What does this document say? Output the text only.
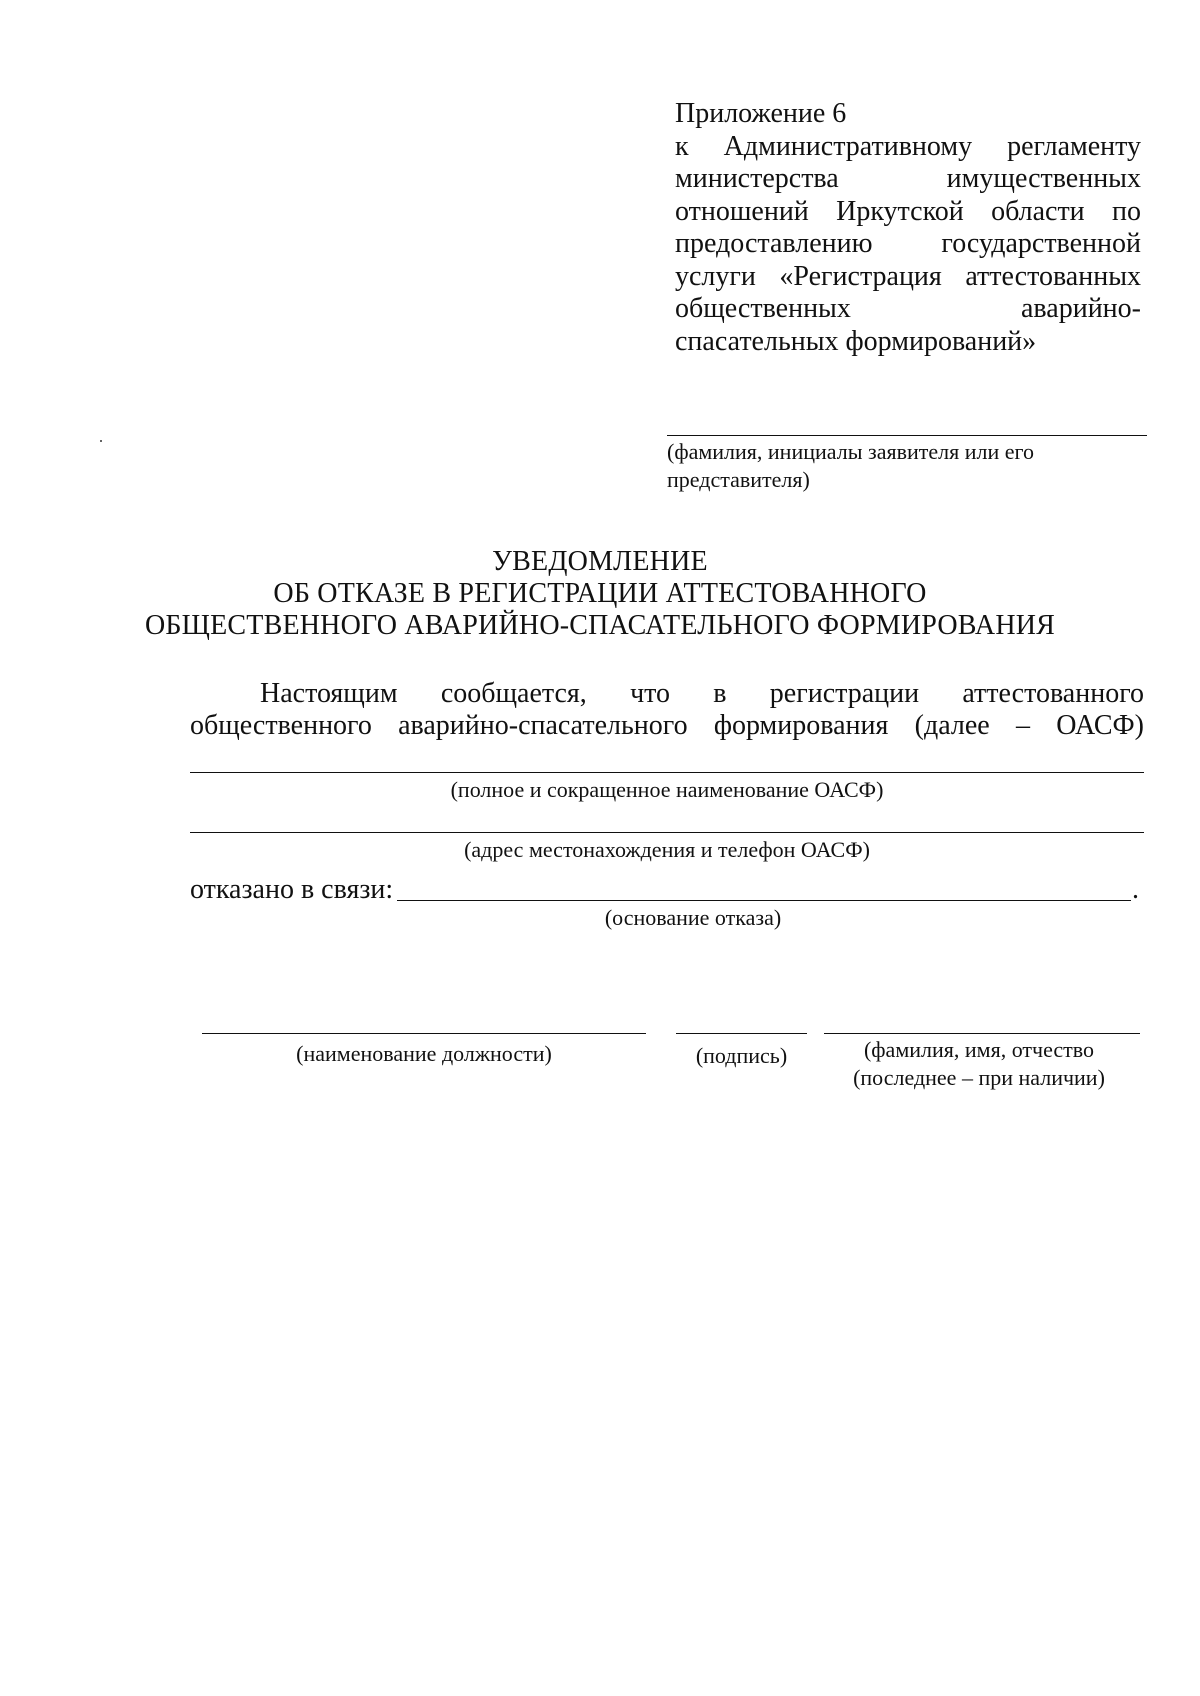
Приложение 6
к Административному регламенту
министерства имущественных
отношений Иркутской области по
предоставлению государственной
услуги «Регистрация аттестованных
общественных аварийно-
спасательных формирований»
(фамилия, инициалы заявителя или его
представителя)
УВЕДОМЛЕНИЕ
ОБ ОТКАЗЕ В РЕГИСТРАЦИИ АТТЕСТОВАННОГО
ОБЩЕСТВЕННОГО АВАРИЙНО-СПАСАТЕЛЬНОГО ФОРМИРОВАНИЯ
Настоящим сообщается, что в регистрации аттестованного
общественного аварийно-спасательного формирования (далее – ОАСФ)
(полное и сокращенное наименование ОАСФ)
(адрес местонахождения и телефон ОАСФ)
отказано в связи:	.
(основание отказа)
(наименование должности)	(подпись)	(фамилия, имя, отчество
(последнее – при наличии)
